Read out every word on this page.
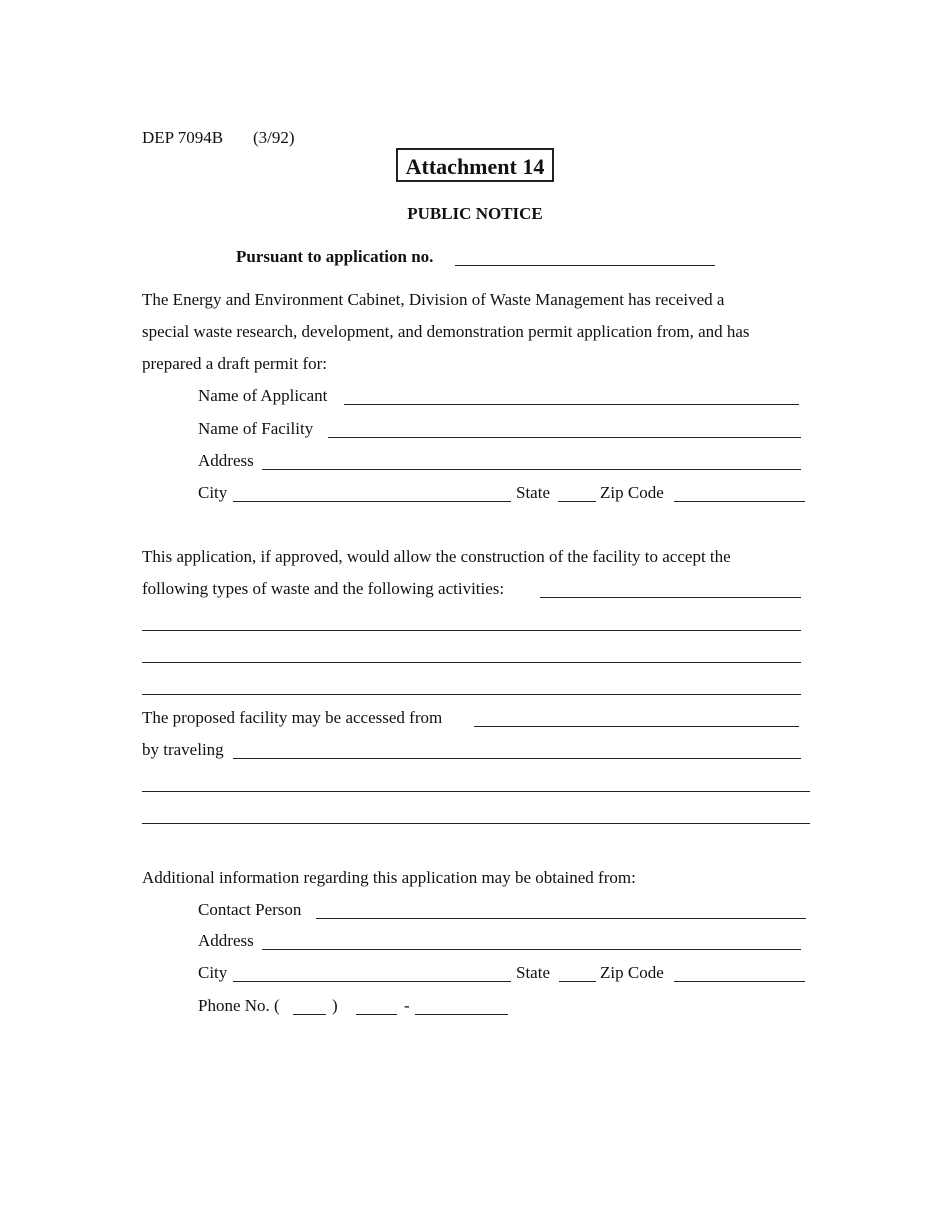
DEP 7094B (3/92)
Attachment 14
PUBLIC NOTICE
Pursuant to application no.
The Energy and Environment Cabinet, Division of Waste Management has received a
special waste research, development, and demonstration permit application from, and has
prepared a draft permit for:
Name of Applicant
Name of Facility
Address
City	State	Zip Code
This application, if approved, would allow the construction of the facility to accept the
following types of waste and the following activities:
The proposed facility may be accessed from
by traveling
Additional information regarding this application may be obtained from:
Contact Person
Address
City	State	Zip Code
Phone No. (	)	-
